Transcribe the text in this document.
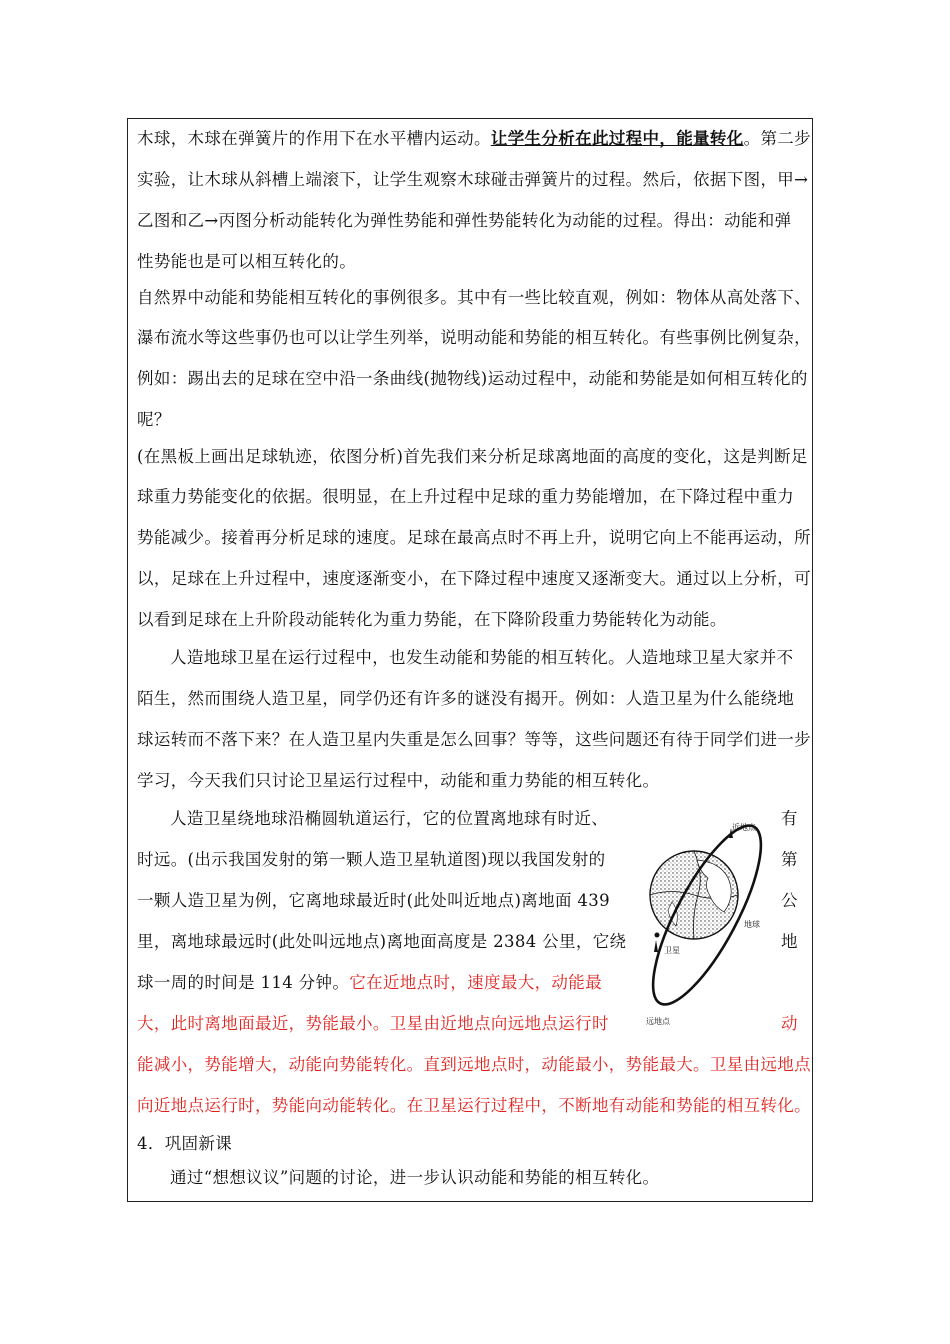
木球，木球在弹簧片的作用下在水平槽内运动。让学生分析在此过程中，能量转化。第二步
实验，让木球从斜槽上端滚下，让学生观察木球碰击弹簧片的过程。然后，依据下图，甲→
乙图和乙→丙图分析动能转化为弹性势能和弹性势能转化为动能的过程。得出：动能和弹
性势能也是可以相互转化的。
自然界中动能和势能相互转化的事例很多。其中有一些比较直观，例如：物体从高处落下、
瀑布流水等这些事仍也可以让学生列举，说明动能和势能的相互转化。有些事例比例复杂，
例如：踢出去的足球在空中沿一条曲线(抛物线)运动过程中，动能和势能是如何相互转化的
呢？
(在黑板上画出足球轨迹，依图分析)首先我们来分析足球离地面的高度的变化，这是判断足
球重力势能变化的依据。很明显，在上升过程中足球的重力势能增加，在下降过程中重力
势能减少。接着再分析足球的速度。足球在最高点时不再上升，说明它向上不能再运动，所
以，足球在上升过程中，速度逐渐变小，在下降过程中速度又逐渐变大。通过以上分析，可
以看到足球在上升阶段动能转化为重力势能，在下降阶段重力势能转化为动能。
人造地球卫星在运行过程中，也发生动能和势能的相互转化。人造地球卫星大家并不
陌生，然而围绕人造卫星，同学仍还有许多的谜没有揭开。例如：人造卫星为什么能绕地
球运转而不落下来？在人造卫星内失重是怎么回事？等等，这些问题还有待于同学们进一步
学习，今天我们只讨论卫星运行过程中，动能和重力势能的相互转化。
人造卫星绕地球沿椭圆轨道运行，它的位置离地球有时近、
时远。(出示我国发射的第一颗人造卫星轨道图)现以我国发射的
一颗人造卫星为例，它离地球最近时(此处叫近地点)离地面 439
里，离地球最远时(此处叫远地点)离地面高度是 2384 公里，它绕
球一周的时间是 114 分钟。它在近地点时，速度最大，动能最
大，此时离地面最近，势能最小。卫星由近地点向远地点运行时
能减小，势能增大，动能向势能转化。直到远地点时，动能最小，势能最大。卫星由远地点
向近地点运行时，势能向动能转化。在卫星运行过程中，不断地有动能和势能的相互转化。
有
第
公
地
动
近地点
地球
卫星
远地点
4．巩固新课
通过“想想议议”问题的讨论，进一步认识动能和势能的相互转化。
